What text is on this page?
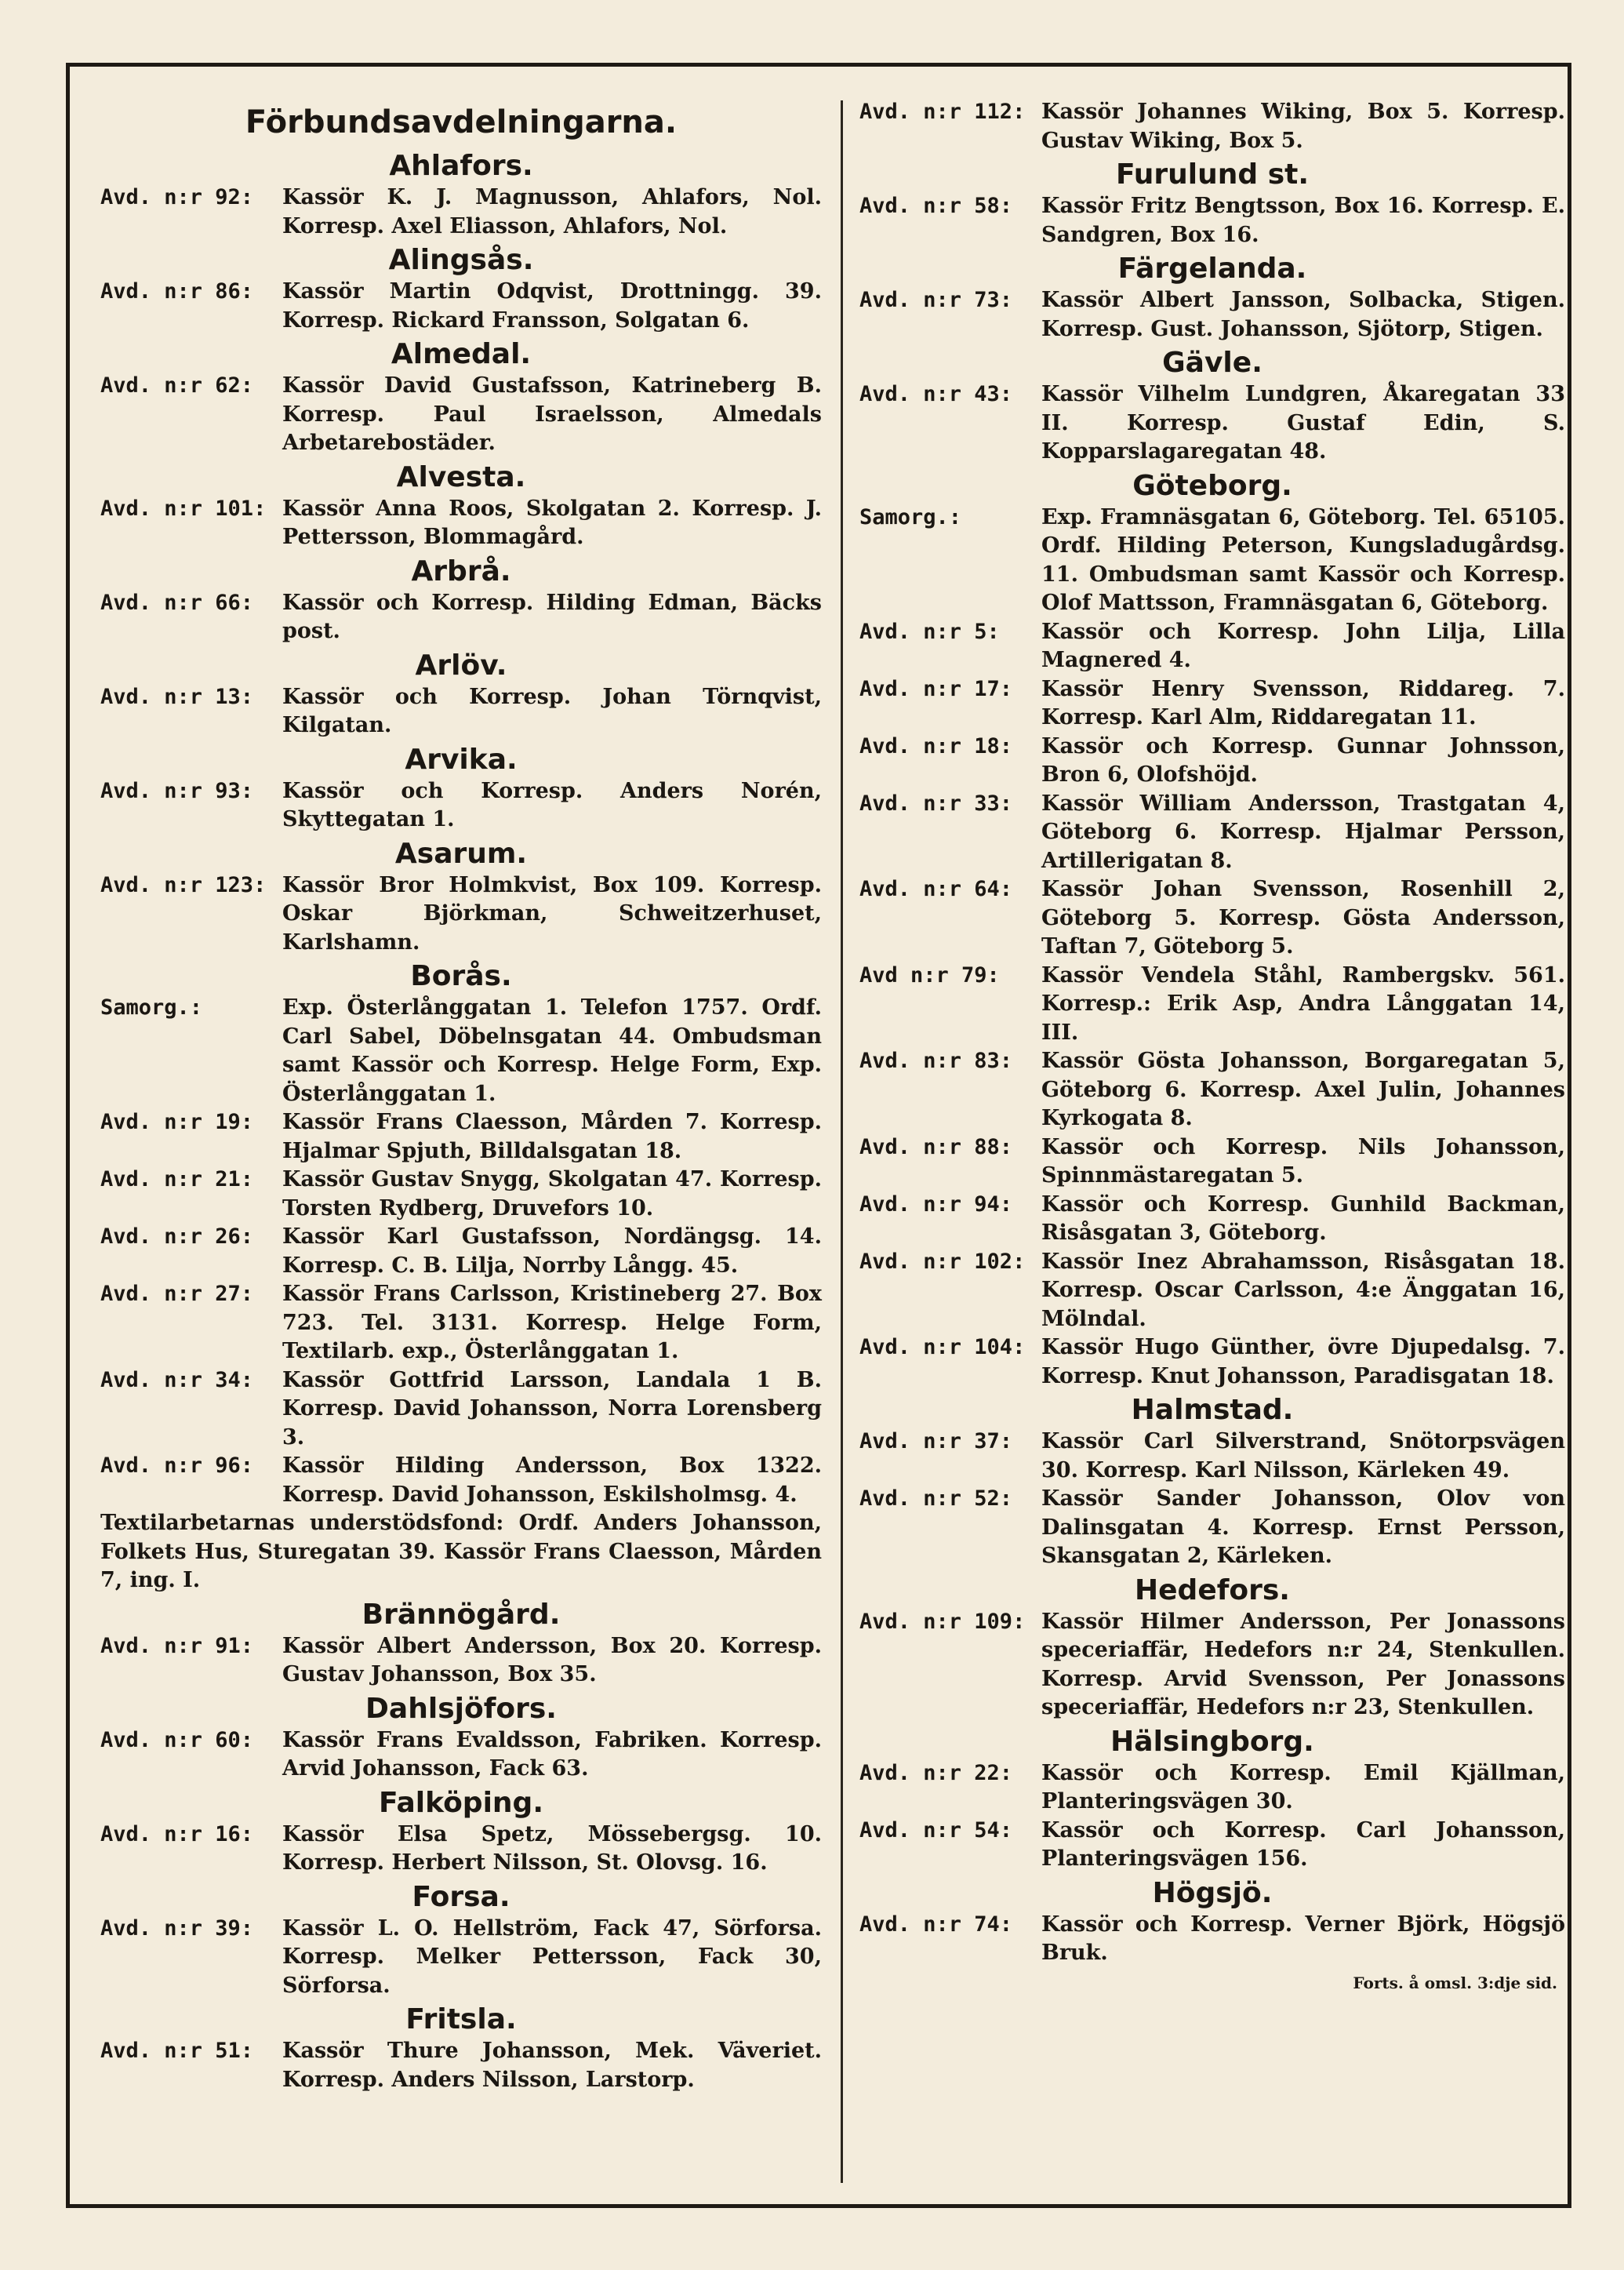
Förbundsavdelningarna.
Ahlafors.
Avd. n:r 92:	Kassör K. J. Magnusson, Ahlafors, Nol. Korresp. Axel Eliasson, Ahlafors, Nol.
Alingsås.
Avd. n:r 86:	Kassör Martin Odqvist, Drottningg. 39. Korresp. Rickard Fransson, Solgatan 6.
Almedal.
Avd. n:r 62:	Kassör David Gustafsson, Katrineberg B. Korresp. Paul Israelsson, Almedals Arbetarebostäder.
Alvesta.
Avd. n:r 101: Kassör Anna Roos, Skolgatan 2. Korresp. J. Pettersson, Blommagård.
Arbrå.
Avd. n:r 66:	Kassör och Korresp. Hilding Edman, Bäcks post.
Arlöv.
Avd. n:r 13:	Kassör och Korresp. Johan Törnqvist, Kilgatan.
Arvika.
Avd. n:r 93:	Kassör och Korresp. Anders Norén, Skyttegatan 1.
Asarum.
Avd. n:r 123: Kassör Bror Holmkvist, Box 109. Korresp. Oskar Björkman, Schweitzerhuset, Karlshamn.
Borås.
Samorg.:	Exp. Österlånggatan 1. Telefon 1757. Ordf. Carl Sabel, Döbelnsgatan 44. Ombudsman samt Kassör och Korresp. Helge Form, Exp. Österlånggatan 1.
Avd. n:r 19:	Kassör Frans Claesson, Mården 7. Korresp. Hjalmar Spjuth, Billdalsgatan 18.
Avd. n:r 21:	Kassör Gustav Snygg, Skolgatan 47. Korresp. Torsten Rydberg, Druvefors 10.
Avd. n:r 26:	Kassör Karl Gustafsson, Nordängsg. 14. Korresp. C. B. Lilja, Norrby Långg. 45.
Avd. n:r 27:	Kassör Frans Carlsson, Kristineberg 27. Box 723. Tel. 3131. Korresp. Helge Form, Textilarb. exp., Österlånggatan 1.
Avd. n:r 34:	Kassör Gottfrid Larsson, Landala 1 B. Korresp. David Johansson, Norra Lorensberg 3.
Avd. n:r 96:	Kassör Hilding Andersson, Box 1322. Korresp. David Johansson, Eskilsholmsg. 4.
Textilarbetarnas understödsfond: Ordf. Anders Johansson, Folkets Hus, Sturegatan 39. Kassör Frans Claesson, Mården 7, ing. I.
Brännögård.
Avd. n:r 91:	Kassör Albert Andersson, Box 20. Korresp. Gustav Johansson, Box 35.
Dahlsjöfors.
Avd. n:r 60:	Kassör Frans Evaldsson, Fabriken. Korresp. Arvid Johansson, Fack 63.
Falköping.
Avd. n:r 16:	Kassör Elsa Spetz, Mössebergsg. 10. Korresp. Herbert Nilsson, St. Olovsg. 16.
Forsa.
Avd. n:r 39:	Kassör L. O. Hellström, Fack 47, Sörforsa. Korresp. Melker Pettersson, Fack 30, Sörforsa.
Fritsla.
Avd. n:r 51:	Kassör Thure Johansson, Mek. Väveriet. Korresp. Anders Nilsson, Larstorp.
Avd. n:r 112: Kassör Johannes Wiking, Box 5. Korresp. Gustav Wiking, Box 5.
Furulund st.
Avd. n:r 58:	Kassör Fritz Bengtsson, Box 16. Korresp. E. Sandgren, Box 16.
Färgelanda.
Avd. n:r 73:	Kassör Albert Jansson, Solbacka, Stigen. Korresp. Gust. Johansson, Sjötorp, Stigen.
Gävle.
Avd. n:r 43:	Kassör Vilhelm Lundgren, Åkaregatan 33 II. Korresp. Gustaf Edin, S. Kopparslagaregatan 48.
Göteborg.
Samorg.:	Exp. Framnäsgatan 6, Göteborg. Tel. 65105. Ordf. Hilding Peterson, Kungsladugårdsg. 11. Ombudsman samt Kassör och Korresp. Olof Mattsson, Framnäsgatan 6, Göteborg.
Avd. n:r 5:	Kassör och Korresp. John Lilja, Lilla Magnered 4.
Avd. n:r 17:	Kassör Henry Svensson, Riddareg. 7. Korresp. Karl Alm, Riddaregatan 11.
Avd. n:r 18:	Kassör och Korresp. Gunnar Johnsson, Bron 6, Olofshöjd.
Avd. n:r 33:	Kassör William Andersson, Trastgatan 4, Göteborg 6. Korresp. Hjalmar Persson, Artillerigatan 8.
Avd. n:r 64:	Kassör Johan Svensson, Rosenhill 2, Göteborg 5. Korresp. Gösta Andersson, Taftan 7, Göteborg 5.
Avd n:r 79:	Kassör Vendela Ståhl, Rambergskv. 561. Korresp.: Erik Asp, Andra Långgatan 14, III.
Avd. n:r 83:	Kassör Gösta Johansson, Borgaregatan 5, Göteborg 6. Korresp. Axel Julin, Johannes Kyrkogata 8.
Avd. n:r 88:	Kassör och Korresp. Nils Johansson, Spinnmästaregatan 5.
Avd. n:r 94:	Kassör och Korresp. Gunhild Backman, Risåsgatan 3, Göteborg.
Avd. n:r 102: Kassör Inez Abrahamsson, Risåsgatan 18. Korresp. Oscar Carlsson, 4:e Änggatan 16, Mölndal.
Avd. n:r 104: Kassör Hugo Günther, övre Djupedalsg. 7. Korresp. Knut Johansson, Paradisgatan 18.
Halmstad.
Avd. n:r 37:	Kassör Carl Silverstrand, Snötorpsvägen 30. Korresp. Karl Nilsson, Kärleken 49.
Avd. n:r 52:	Kassör Sander Johansson, Olov von Dalinsgatan 4. Korresp. Ernst Persson, Skansgatan 2, Kärleken.
Hedefors.
Avd. n:r 109: Kassör Hilmer Andersson, Per Jonassons speceriaffär, Hedefors n:r 24, Stenkullen. Korresp. Arvid Svensson, Per Jonassons speceriaffär, Hedefors n:r 23, Stenkullen.
Hälsingborg.
Avd. n:r 22:	Kassör och Korresp. Emil Kjällman, Planteringsvägen 30.
Avd. n:r 54:	Kassör och Korresp. Carl Johansson, Planteringsvägen 156.
Högsjö.
Avd. n:r 74:	Kassör och Korresp. Verner Björk, Högsjö Bruk.
Forts. å omsl. 3:dje sid.
